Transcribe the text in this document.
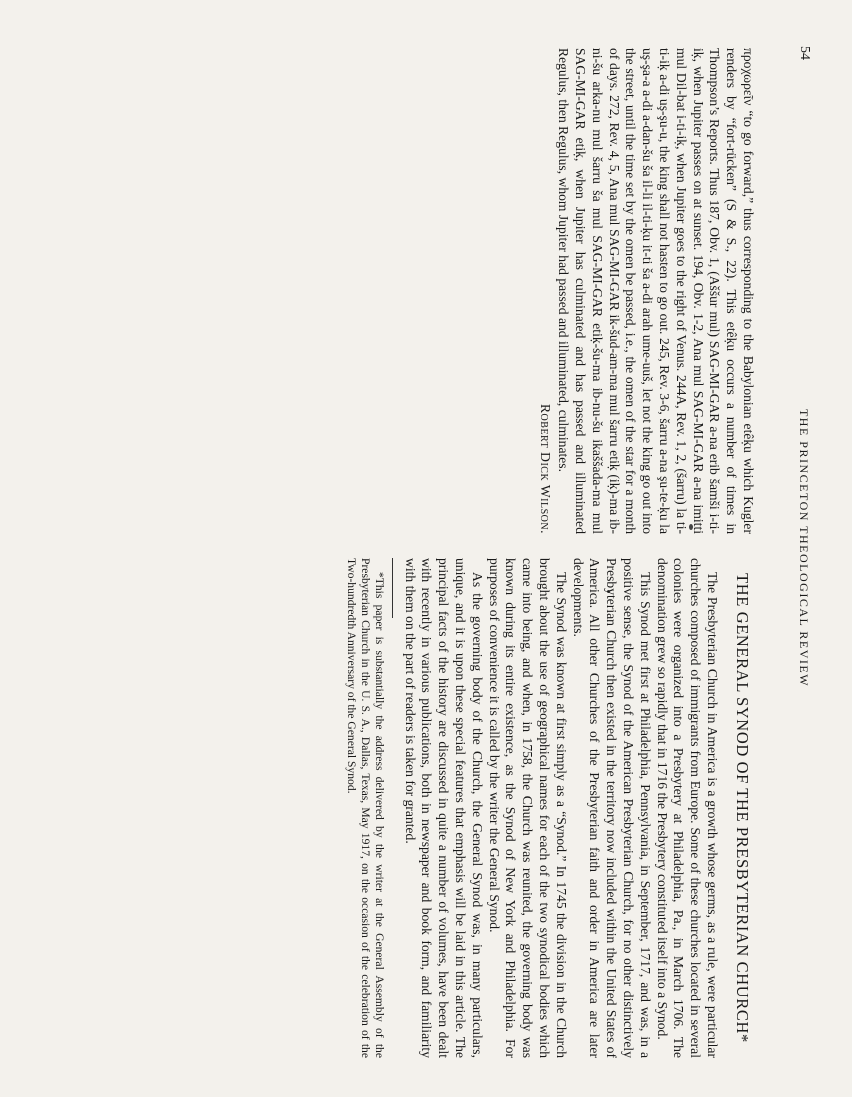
54
THE PRINCETON THEOLOGICAL REVIEW

προχωρεῖν “to go forward,” thus corresponding to the Babylonian etêḳu which Kugler renders by “fort-rücken” (S & S., 22). This etêḳu occurs a number of times in Thompson’s Reports. Thus 187, Obv. 1, (Aššur mul) SAG-MI-GAR a-na erib šamši i-ti-iḳ, when Jupiter passes on at sunset. 194, Obv. 1-2, Ana mul SAG-MI-GAR a-na imitti mul Dil-bat i-ti-iḳ, when Jupiter goes to the right of Venus. 244A, Rev. 1, 2, (šarru) la ti-ti-iḳ a-di uş-şu-u, the king shall not hasten to go out. 245, Rev. 3-6, šarru a-na şu-te-ḳu la uş-şa-a a-di a-dan-šu ša il-li il-ti-ḳu it-ti ša a-di arah ume-uuš, let not the king go out into the street, until the time set by the omen be passed, i.e., the omen of the star for a month of days. 272, Rev. 4, 5, Ana mul SAG-MI-GAR ik-šud-am-ma mul šarru etiḳ (iḳ)-ma ib-ni-šu arka-nu mul šarru ša mul SAG-MI-GAR etiḳ-šu-ma ib-nu-šu ikaššada-ma mul SAG-MI-GAR etiḳ, when Jupiter has culminated and has passed and illuminated Regulus, then Regulus, whom Jupiter had passed and illuminated, culminates.

Robert Dick Wilson.
THE GENERAL SYNOD OF THE PRESBYTERIAN CHURCH*

The Presbyterian Church in America is a growth whose germs, as a rule, were particular churches composed of immigrants from Europe. Some of these churches located in several colonies were organized into a Presbytery at Philadelphia, Pa., in March 1706. The denomination grew so rapidly that in 1716 the Presbytery constituted itself into a Synod.

This Synod met first at Philadelphia, Pennsylvania, in September, 1717, and was, in a positive sense, the Synod of the American Presbyterian Church, for no other distinctively Presbyterian Church then existed in the territory now included within the United States of America. All other Churches of the Presbyterian faith and order in America are later developments.

The Synod was known at first simply as a “Synod.” In 1745 the division in the Church brought about the use of geographical names for each of the two synodical bodies which came into being, and when, in 1758, the Church was reunited, the governing body was known during its entire existence, as the Synod of New York and Philadelphia. For purposes of convenience it is called by the writer the General Synod.

As the governing body of the Church, the General Synod was, in many particulars, unique, and it is upon these special features that emphasis will be laid in this article. The principal facts of the history are discussed in quite a number of volumes, have been dealt with recently in various publications, both in newspaper and book form, and familiarity with them on the part of readers is taken for granted.

*This paper is substantially the address delivered by the writer at the General Assembly of the Presbyterian Church in the U. S. A., Dallas, Texas, May 1917, on the occasion of the celebration of the Two-hundredth Anniversary of the General Synod.
